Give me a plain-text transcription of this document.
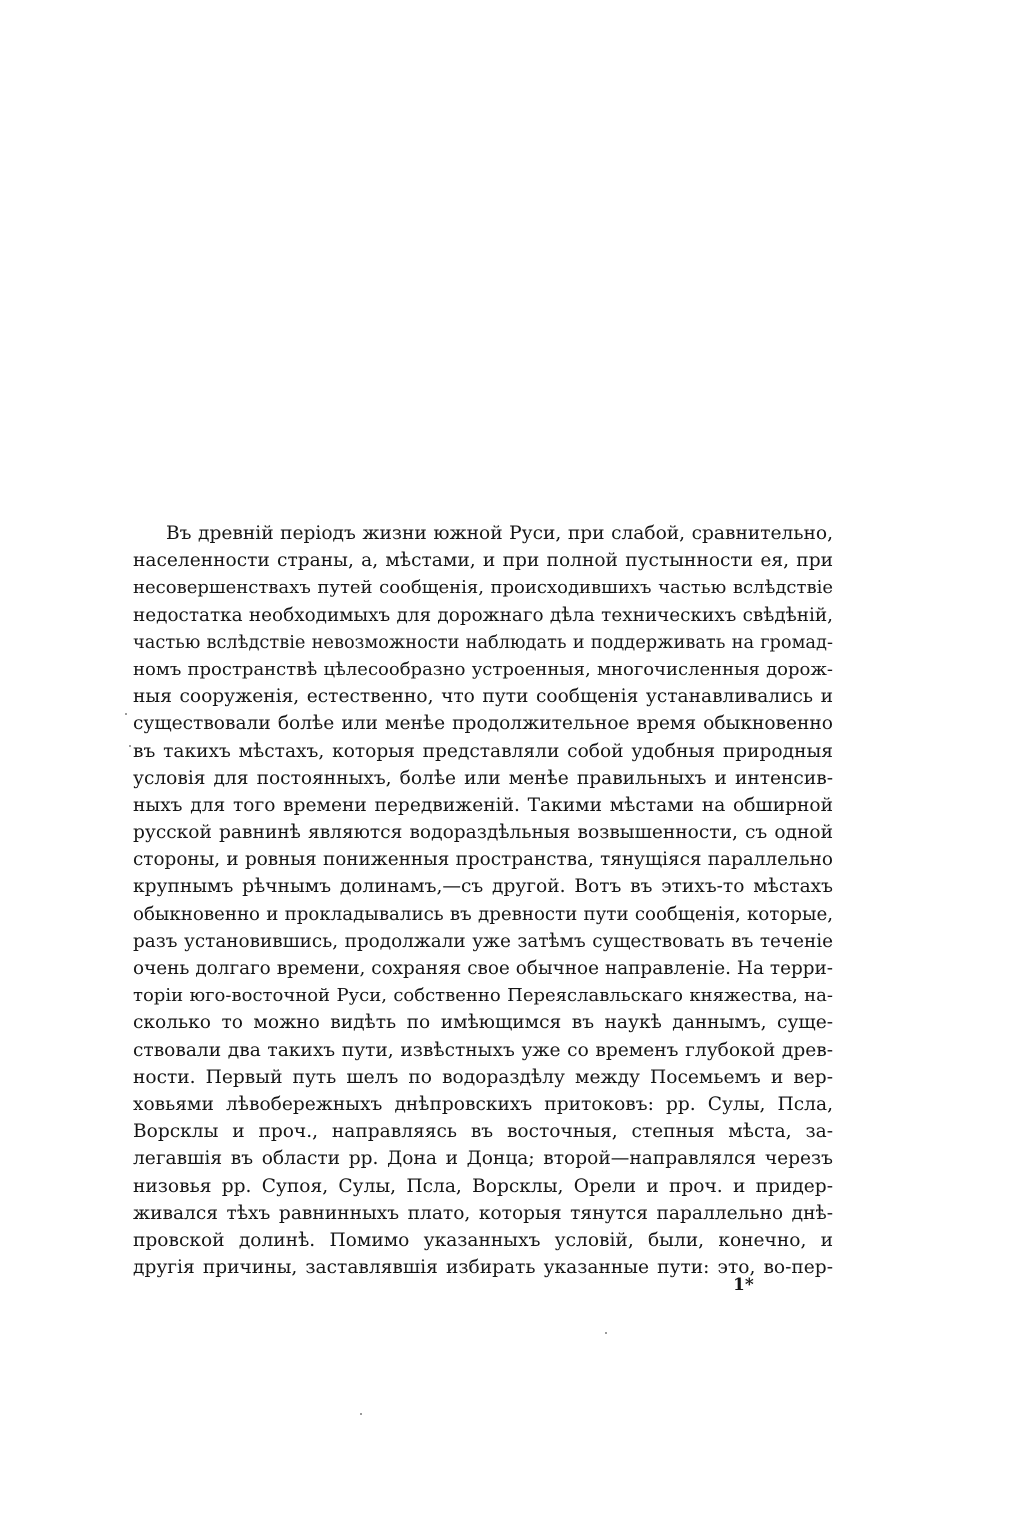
Въ древній періодъ жизни южной Руси, при слабой, сравнительно,
населенности страны, а, мѣстами, и при полной пустынности ея, при
несовершенствахъ путей сообщенія, происходившихъ частью вслѣдствіе
недостатка необходимыхъ для дорожнаго дѣла техническихъ свѣдѣній,
частью вслѣдствіе невозможности наблюдать и поддерживать на громад-
номъ пространствѣ цѣлесообразно устроенныя, многочисленныя дорож-
ныя сооруженія, естественно, что пути сообщенія устанавливались и
существовали болѣе или менѣе продолжительное время обыкновенно
въ такихъ мѣстахъ, которыя представляли собой удобныя природныя
условія для постоянныхъ, болѣе или менѣе правильныхъ и интенсив-
ныхъ для того времени передвиженій. Такими мѣстами на обширной
русской равнинѣ являются водораздѣльныя возвышенности, съ одной
стороны, и ровныя пониженныя пространства, тянущіяся параллельно
крупнымъ рѣчнымъ долинамъ,—съ другой. Вотъ въ этихъ-то мѣстахъ
обыкновенно и прокладывались въ древности пути сообщенія, которые,
разъ установившись, продолжали уже затѣмъ существовать въ теченіе
очень долгаго времени, сохраняя свое обычное направленіе. На терри-
торіи юго-восточной Руси, собственно Переяславльскаго княжества, на-
сколько то можно видѣть по имѣющимся въ наукѣ даннымъ, суще-
ствовали два такихъ пути, извѣстныхъ уже со временъ глубокой древ-
ности. Первый путь шелъ по водораздѣлу между Посемьемъ и вер-
ховьями лѣвобережныхъ днѣпровскихъ притоковъ: рр. Сулы, Псла,
Ворсклы и проч., направляясь въ восточныя, степныя мѣста, за-
легавшія въ области рр. Дона и Донца; второй—направлялся черезъ
низовья рр. Супоя, Сулы, Псла, Ворсклы, Орели и проч. и придер-
живался тѣхъ равнинныхъ плато, которыя тянутся параллельно днѣ-
провской долинѣ. Помимо указанныхъ условій, были, конечно, и
другія причины, заставлявшія избирать указанные пути: это, во-пер-
1*
